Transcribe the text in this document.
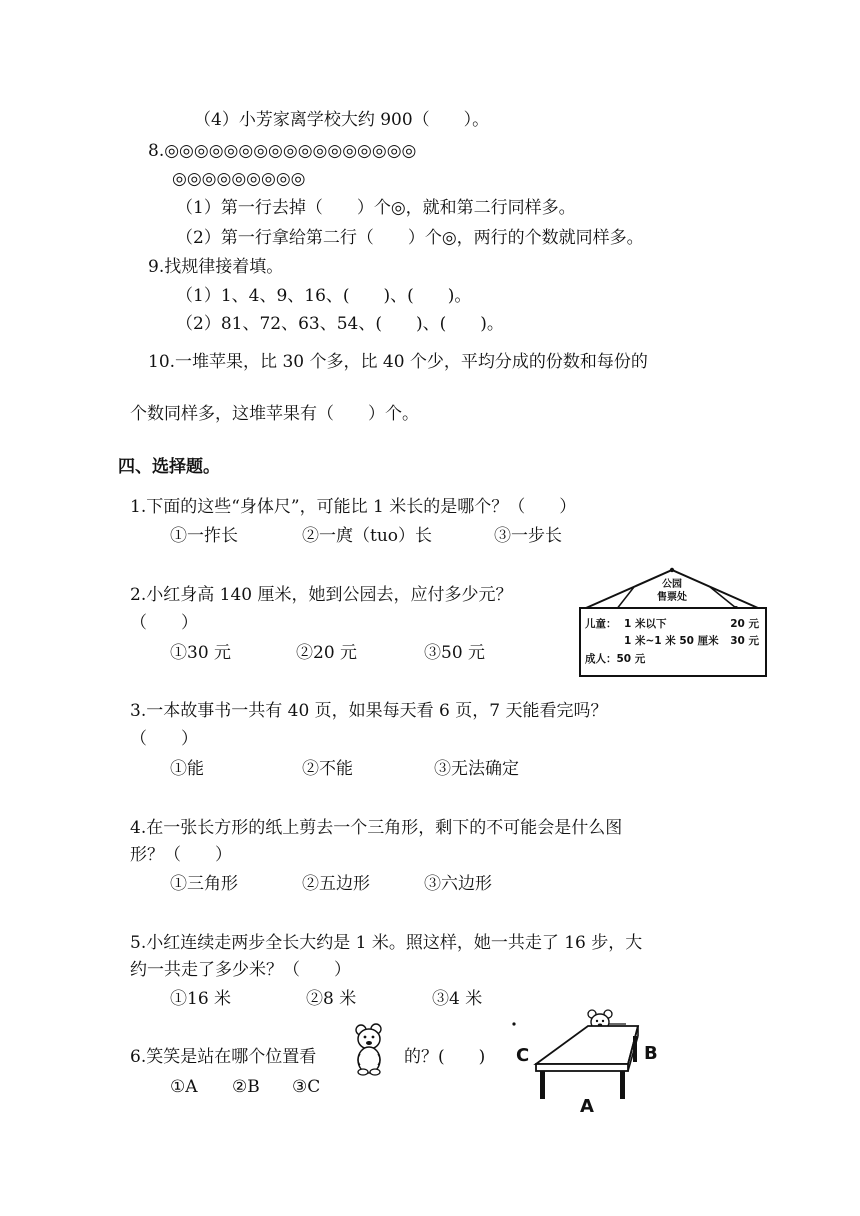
（4）小芳家离学校大约 900（　　）。
8.◎◎◎◎◎◎◎◎◎◎◎◎◎◎◎◎◎
◎◎◎◎◎◎◎◎◎
（1）第一行去掉（　　）个◎，就和第二行同样多。
（2）第一行拿给第二行（　　）个◎，两行的个数就同样多。
9.找规律接着填。
（1）1、4、9、16、(　　)、(　　)。
（2）81、72、63、54、(　　)、(　　)。
10.一堆苹果，比 30 个多，比 40 个少，平均分成的份数和每份的
个数同样多，这堆苹果有（　　）个。
四、选择题。
1.下面的这些“身体尺”，可能比 1 米长的是哪个？（　　）
①一拃长	②一庹（tuo）长	③一步长
2.小红身高 140 厘米，她到公园去，应付多少元？
（　　）
①30 元	②20 元	③50 元
公园
售票处
儿童： 1 米以下	20 元
1 米~1 米 50 厘米 30 元
成人：50 元
3.一本故事书一共有 40 页，如果每天看 6 页，7 天能看完吗？
（　　）
①能	②不能	③无法确定
4.在一张长方形的纸上剪去一个三角形，剩下的不可能会是什么图
形？（　　）
①三角形	②五边形	③六边形
5.小红连续走两步全长大约是 1 米。照这样，她一共走了 16 步，大
约一共走了多少米？（　　）
①16 米	②8 米	③4 米
6.笑笑是站在哪个位置看	的？(　　)
①A ②B ③C
C	B
A
